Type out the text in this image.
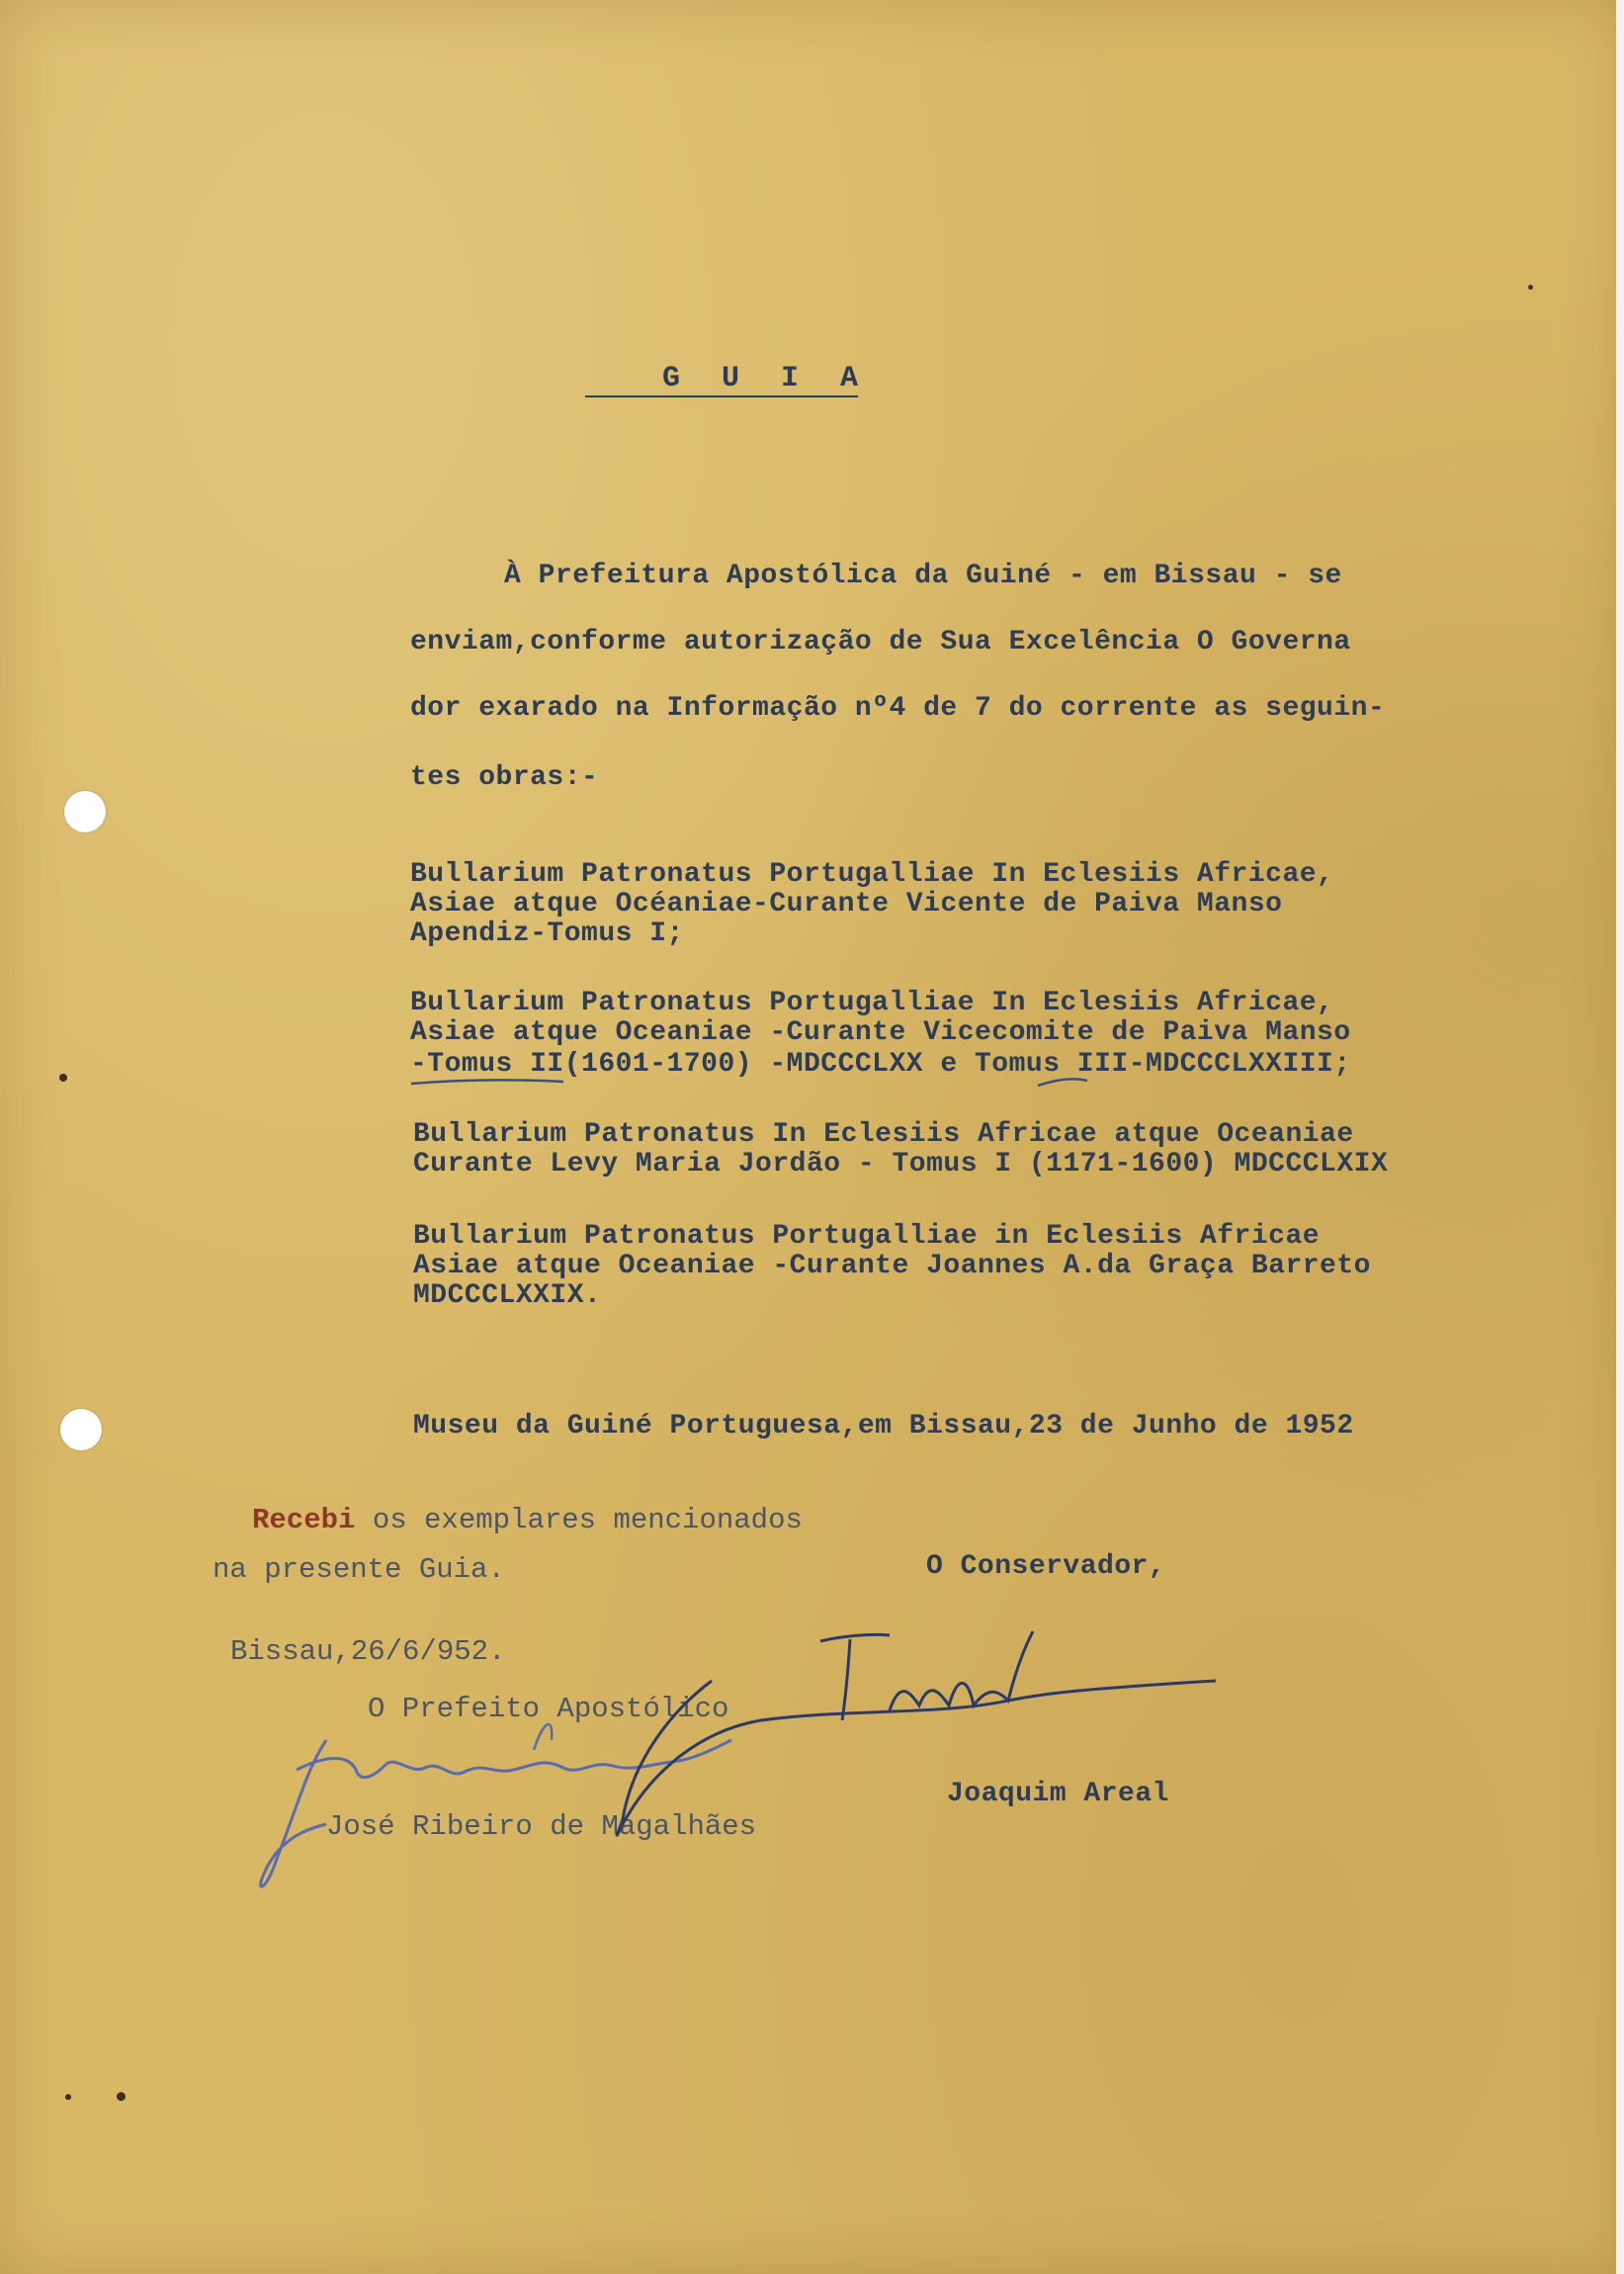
G U I A
À Prefeitura Apostólica da Guiné - em Bissau - se
enviam,conforme autorização de Sua Excelência O Governa
dor exarado na Informação nº4 de 7 do corrente as seguin-
tes obras:-
Bullarium Patronatus Portugalliae In Eclesiis Africae,
Asiae atque Océaniae-Curante Vicente de Paiva Manso
Apendiz-Tomus I;
Bullarium Patronatus Portugalliae In Eclesiis Africae,
Asiae atque Oceaniae -Curante Vicecomite de Paiva Manso
-Tomus II(1601-1700) -MDCCCLXX e Tomus III-MDCCCLXXIII;
Bullarium Patronatus In Eclesiis Africae atque Oceaniae
Curante Levy Maria Jordão - Tomus I (1171-1600) MDCCCLXIX
Bullarium Patronatus Portugalliae in Eclesiis Africae
Asiae atque Oceaniae -Curante Joannes A.da Graça Barreto
MDCCCLXXIX.
Museu da Guiné Portuguesa,em Bissau,23 de Junho de 1952
Recebi os exemplares mencionados
na presente Guia.
Bissau,26/6/952.
O Prefeito Apostólico
José Ribeiro de Magalhães
O Conservador,
Joaquim Areal
